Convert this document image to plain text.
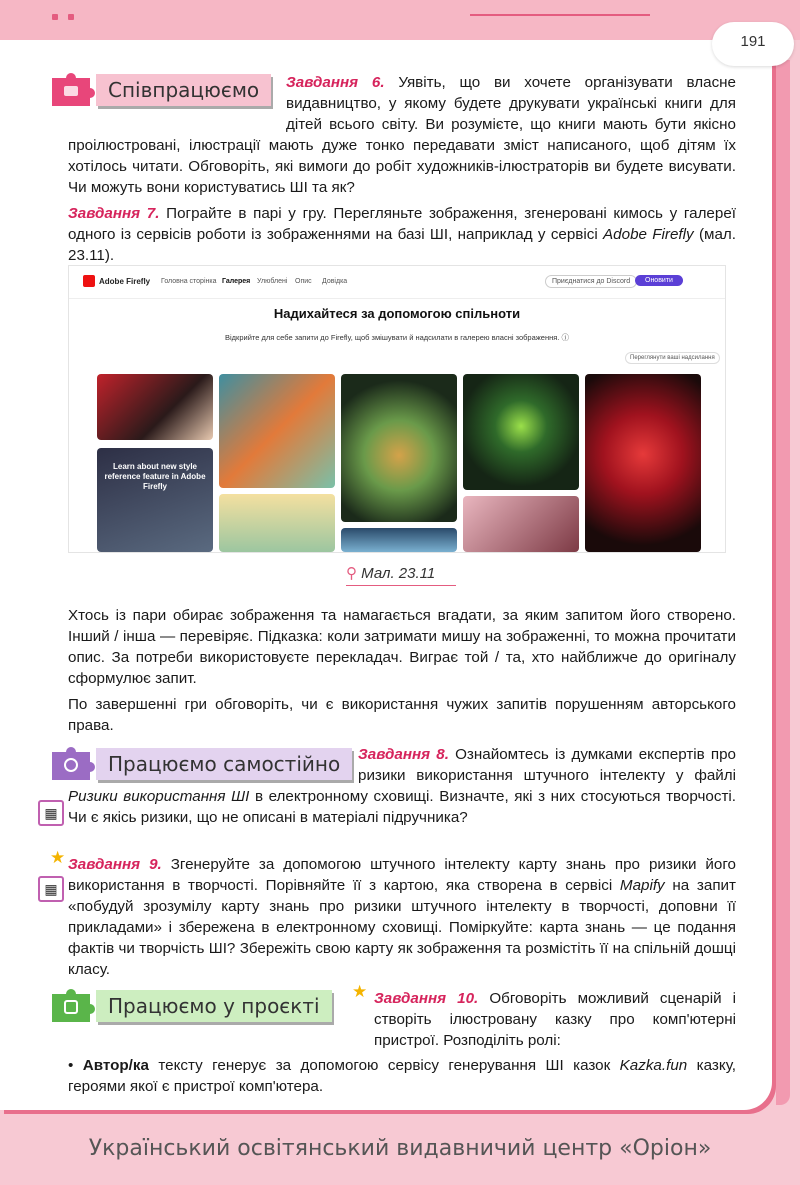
191
Співпрацюємо	Завдання 6. Уявіть, що ви хочете організувати власне видавництво, у якому будете друкувати українські книги для дітей всього світу. Ви розумієте, що книги мають бути якісно проілюстровані, ілюстрації мають дуже тонко передавати зміст написаного, щоб дітям їх хотілось читати. Обговоріть, які вимоги до робіт художників-ілюстраторів ви будете висувати. Чи можуть вони користуватись ШІ та як?

Завдання 7. Пограйте в парі у гру. Перегляньте зображення, згенеровані кимось у галереї одного із сервісів роботи із зображеннями на базі ШІ, наприклад у сервісі Adobe Firefly (мал. 23.11).

Adobe Firefly Головна сторінка Галерея Улюблені Опис Довідка	Приєднатися до Discord	Оновити
Надихайтеся за допомогою спільноти
Відкрийте для себе запити до Firefly, щоб змішувати й надсилати в галерею власні зображення. ⓘ
Переглянути ваші надсилання
Learn about new style reference feature in Adobe Firefly
⚲ Мал. 23.11

Хтось із пари обирає зображення та намагається вгадати, за яким запитом його створено. Інший / інша — перевіряє. Підказка: коли затримати мишу на зображенні, то можна прочитати опис. За потреби використовуєте перекладач. Виграє той / та, хто найближче до оригіналу сформулює запит.

По завершенні гри обговоріть, чи є використання чужих запитів порушенням авторського права.

Працюємо самостійно	Завдання 8. Ознайомтесь із думками експертів про ризики використання штучного інтелекту у файлі Ризики використання ШІ в електронному сховищі. Визначте, які з них стосуються творчості. Чи є якісь ризики, що не описані в матеріалі підручника?

▦
★ Завдання 9. Згенеруйте за допомогою штучного інтелекту карту знань про ризики його використання в творчості. Порівняйте її з картою, яка створена в сервісі Mapify на запит «побудуй зрозумілу карту знань про ризики штучного інтелекту в творчості, доповни її прикладами» і збережена в електронному сховищі. Поміркуйте: карта знань — це подання фактів чи творчість ШІ? Збережіть свою карту як зображення та розмістіть її на спільній дошці класу.

▦
Працюємо у проєкті
★ Завдання 10. Обговоріть можливий сценарій і створіть ілюстровану казку про комп'ютерні пристрої. Розподіліть ролі:

• Автор/ка тексту генерує за допомогою сервісу генерування ШІ казок Kazka.fun казку, героями якої є пристрої комп'ютера.

Український освітянський видавничий центр «Оріон»
